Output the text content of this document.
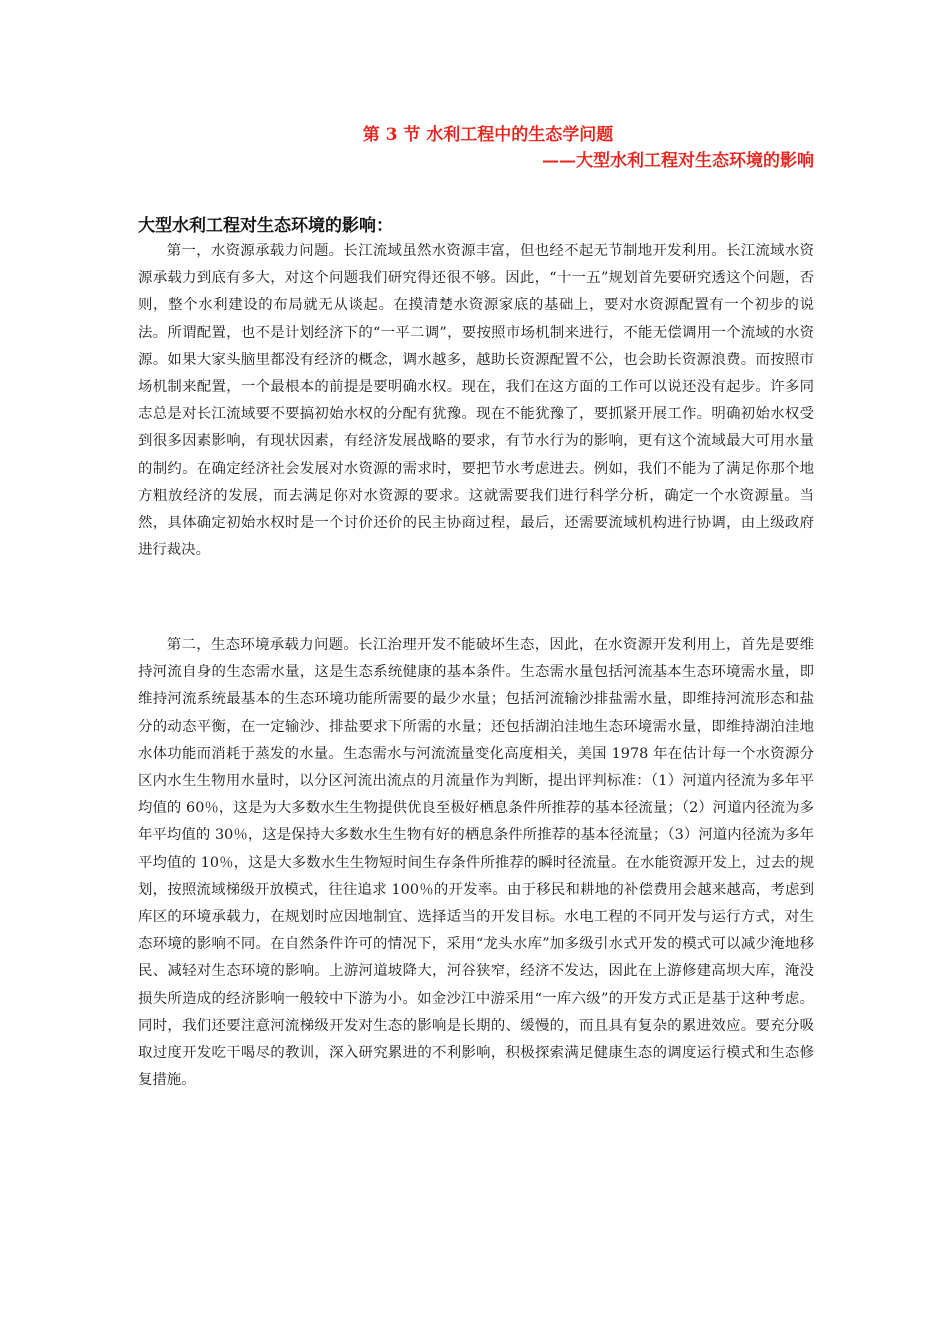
第 3 节 水利工程中的生态学问题
——大型水利工程对生态环境的影响
大型水利工程对生态环境的影响：

第一，水资源承载力问题。长江流域虽然水资源丰富，但也经不起无节制地开发利用。长江流域水资源承载力到底有多大，对这个问题我们研究得还很不够。因此，“十一五”规划首先要研究透这个问题，否则，整个水利建设的布局就无从谈起。在摸清楚水资源家底的基础上，要对水资源配置有一个初步的说法。所谓配置，也不是计划经济下的“一平二调”，要按照市场机制来进行，不能无偿调用一个流域的水资源。如果大家头脑里都没有经济的概念，调水越多，越助长资源配置不公，也会助长资源浪费。而按照市场机制来配置，一个最根本的前提是要明确水权。现在，我们在这方面的工作可以说还没有起步。许多同志总是对长江流域要不要搞初始水权的分配有犹豫。现在不能犹豫了，要抓紧开展工作。明确初始水权受到很多因素影响，有现状因素，有经济发展战略的要求，有节水行为的影响，更有这个流域最大可用水量的制约。在确定经济社会发展对水资源的需求时，要把节水考虑进去。例如，我们不能为了满足你那个地方粗放经济的发展，而去满足你对水资源的要求。这就需要我们进行科学分析，确定一个水资源量。当然，具体确定初始水权时是一个讨价还价的民主协商过程，最后，还需要流域机构进行协调，由上级政府进行裁决。

第二，生态环境承载力问题。长江治理开发不能破坏生态，因此，在水资源开发利用上，首先是要维持河流自身的生态需水量，这是生态系统健康的基本条件。生态需水量包括河流基本生态环境需水量，即维持河流系统最基本的生态环境功能所需要的最少水量；包括河流输沙排盐需水量，即维持河流形态和盐分的动态平衡，在一定输沙、排盐要求下所需的水量；还包括湖泊洼地生态环境需水量，即维持湖泊洼地水体功能而消耗于蒸发的水量。生态需水与河流流量变化高度相关，美国 1978 年在估计每一个水资源分区内水生生物用水量时，以分区河流出流点的月流量作为判断，提出评判标准：（1）河道内径流为多年平均值的 60％，这是为大多数水生生物提供优良至极好栖息条件所推荐的基本径流量；（2）河道内径流为多年平均值的 30％，这是保持大多数水生生物有好的栖息条件所推荐的基本径流量；（3）河道内径流为多年平均值的 10％，这是大多数水生生物短时间生存条件所推荐的瞬时径流量。在水能资源开发上，过去的规划，按照流域梯级开放模式，往往追求 100％的开发率。由于移民和耕地的补偿费用会越来越高，考虑到库区的环境承载力，在规划时应因地制宜、选择适当的开发目标。水电工程的不同开发与运行方式，对生态环境的影响不同。在自然条件许可的情况下，采用“龙头水库”加多级引水式开发的模式可以减少淹地移民、减轻对生态环境的影响。上游河道坡降大，河谷狭窄，经济不发达，因此在上游修建高坝大库，淹没损失所造成的经济影响一般较中下游为小。如金沙江中游采用“一库六级”的开发方式正是基于这种考虑。同时，我们还要注意河流梯级开发对生态的影响是长期的、缓慢的，而且具有复杂的累进效应。要充分吸取过度开发吃干喝尽的教训，深入研究累进的不利影响，积极探索满足健康生态的调度运行模式和生态修复措施。
